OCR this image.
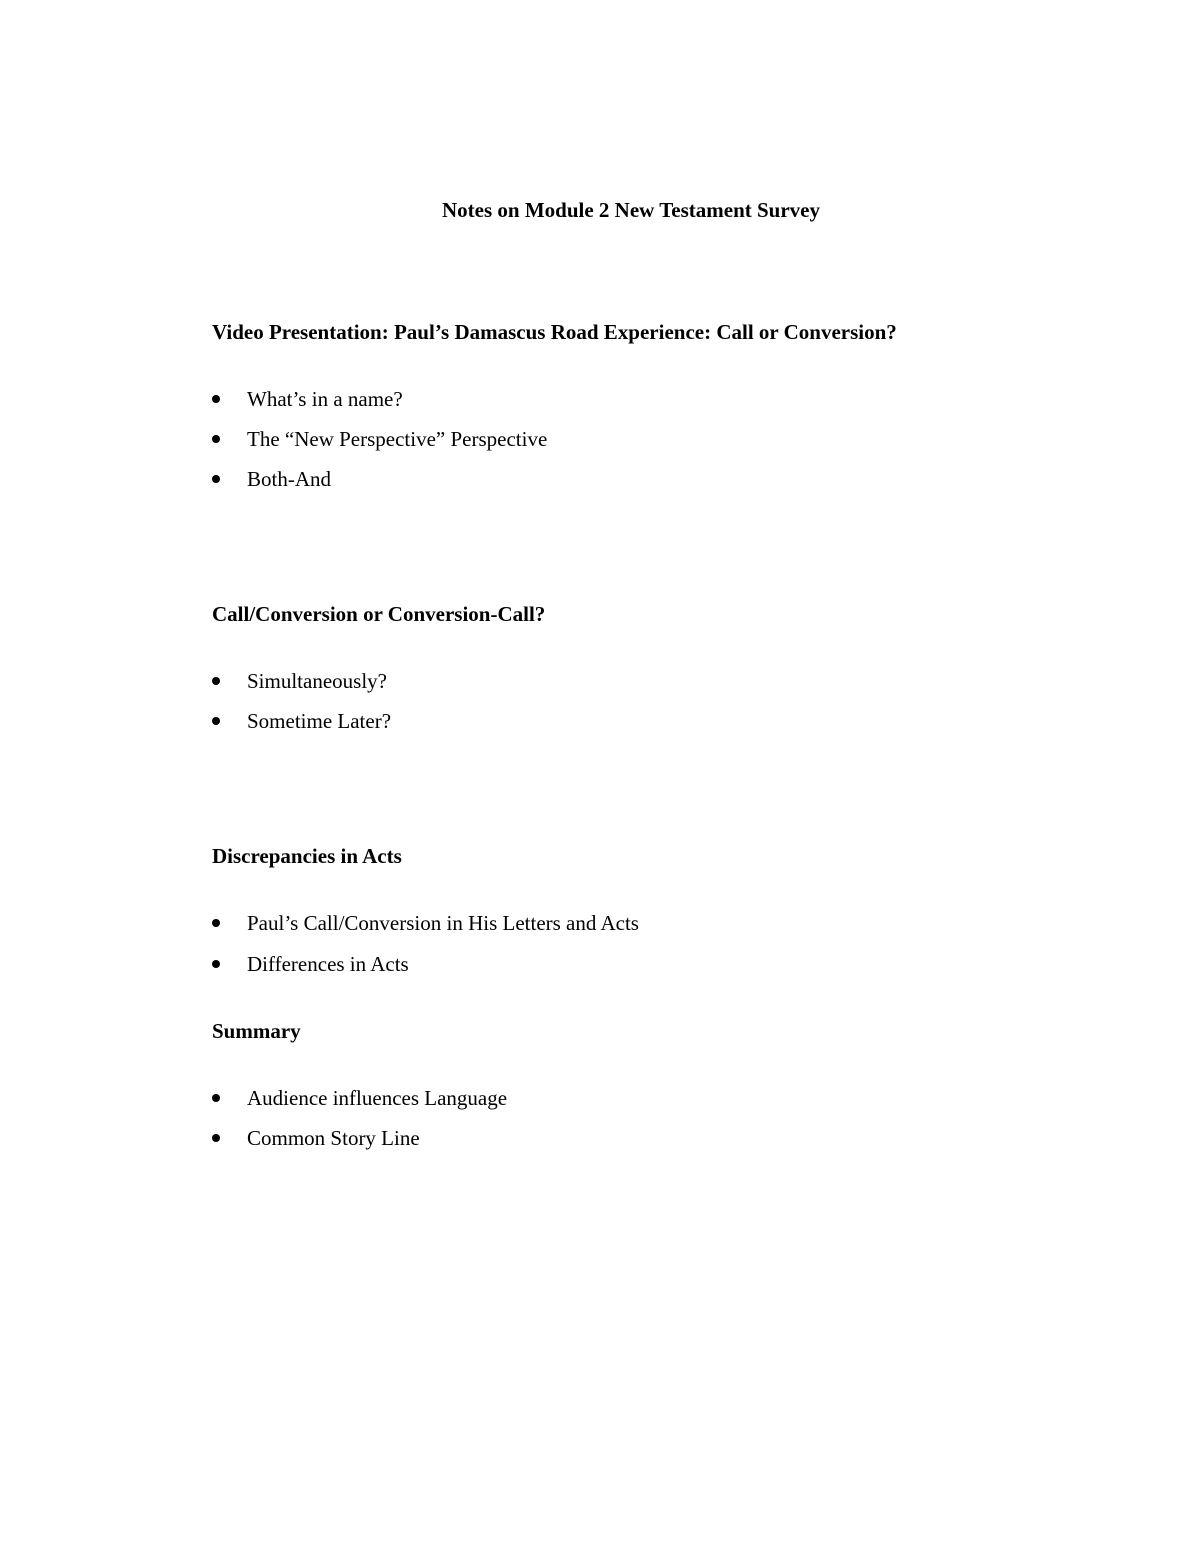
Notes on Module 2 New Testament Survey
Video Presentation: Paul’s Damascus Road Experience: Call or Conversion?
What’s in a name?
The “New Perspective” Perspective
Both-And
Call/Conversion or Conversion-Call?
Simultaneously?
Sometime Later?
Discrepancies in Acts
Paul’s Call/Conversion in His Letters and Acts
Differences in Acts
Summary
Audience influences Language
Common Story Line
